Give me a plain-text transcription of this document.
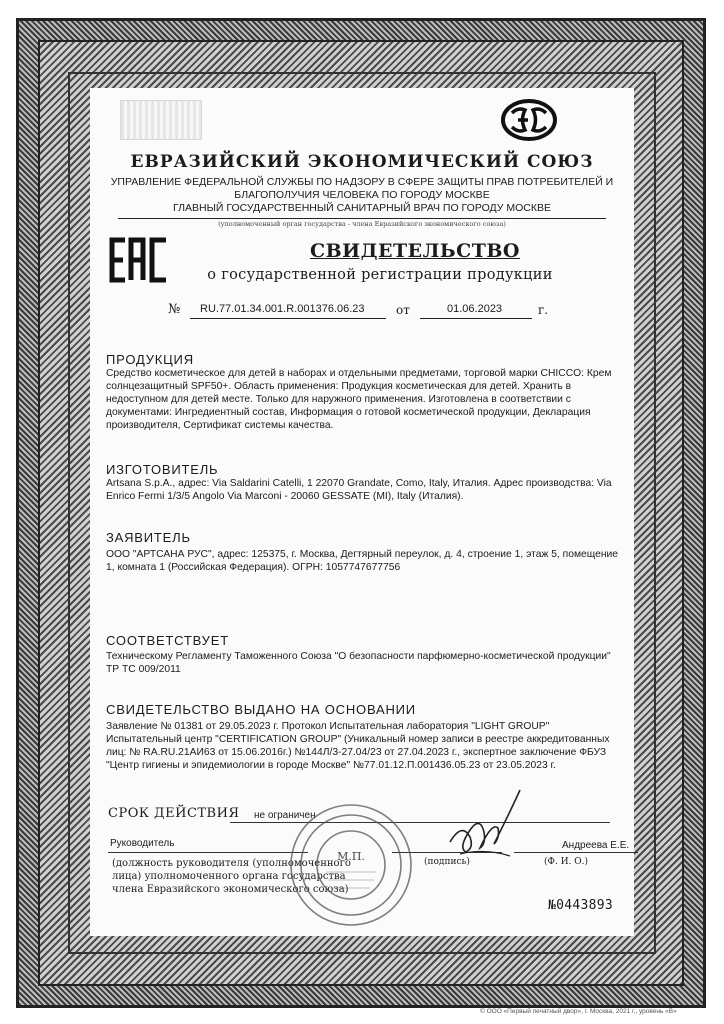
ЕВРАЗИЙСКИЙ ЭКОНОМИЧЕСКИЙ СОЮЗ
УПРАВЛЕНИЕ ФЕДЕРАЛЬНОЙ СЛУЖБЫ ПО НАДЗОРУ В СФЕРЕ ЗАЩИТЫ ПРАВ ПОТРЕБИТЕЛЕЙ И
БЛАГОПОЛУЧИЯ ЧЕЛОВЕКА ПО ГОРОДУ МОСКВЕ
ГЛАВНЫЙ ГОСУДАРСТВЕННЫЙ САНИТАРНЫЙ ВРАЧ ПО ГОРОДУ МОСКВЕ
(уполномоченный орган государства - члена Евразийского экономического союза)
СВИДЕТЕЛЬСТВО
о государственной регистрации продукции
№ RU.77.01.34.001.R.001376.06.23	от	01.06.2023	г.
ПРОДУКЦИЯ
Средство косметическое для детей в наборах и отдельными предметами, торговой марки CHICCO: Крем
солнцезащитный SPF50+. Область применения: Продукция косметическая для детей. Хранить в
недоступном для детей месте. Только для наружного применения. Изготовлена в соответствии с
документами: Ингредиентный состав, Информация о готовой косметической продукции, Декларация
производителя, Сертификат системы качества.
ИЗГОТОВИТЕЛЬ
Artsana S.p.A., адрес: Via Saldarini Catelli, 1 22070 Grandate, Como, Italy, Италия. Адрес производства: Via
Enrico Fermi 1/3/5 Angolo Via Marconi - 20060 GESSATE (MI), Italy (Италия).
ЗАЯВИТЕЛЬ
ООО "АРТСАНА РУС", адрес: 125375, г. Москва, Дегтярный переулок, д. 4, строение 1, этаж 5, помещение
1, комната 1 (Российская Федерация). ОГРН: 1057747677756
СООТВЕТСТВУЕТ
Техническому Регламенту Таможенного Союза "О безопасности парфюмерно-косметической продукции"
ТР ТС 009/2011
СВИДЕТЕЛЬСТВО ВЫДАНО НА ОСНОВАНИИ
Заявление № 01381 от 29.05.2023 г. Протокол Испытательная лаборатория "LIGHT GROUP"
Испытательный центр "CERTIFICATION GROUP" (Уникальный номер записи в реестре аккредитованных
лиц: № RA.RU.21АИ63 от 15.06.2016г.) №144Л/3-27.04/23 от 27.04.2023 г., экспертное заключение ФБУЗ
"Центр гигиены и эпидемиологии в городе Москве" №77.01.12.П.001436.05.23 от 23.05.2023 г.
СРОК ДЕЙСТВИЯ не ограничен
Руководитель	Андреева Е.Е.
(должность руководителя (уполномоченного
лица) уполномоченного органа государства
члена Евразийского экономического союза)
(подпись)	(Ф. И. О.)
М.П.
№0443893
© ООО «Первый печатный двор», г. Москва, 2021 г., уровень «В»
